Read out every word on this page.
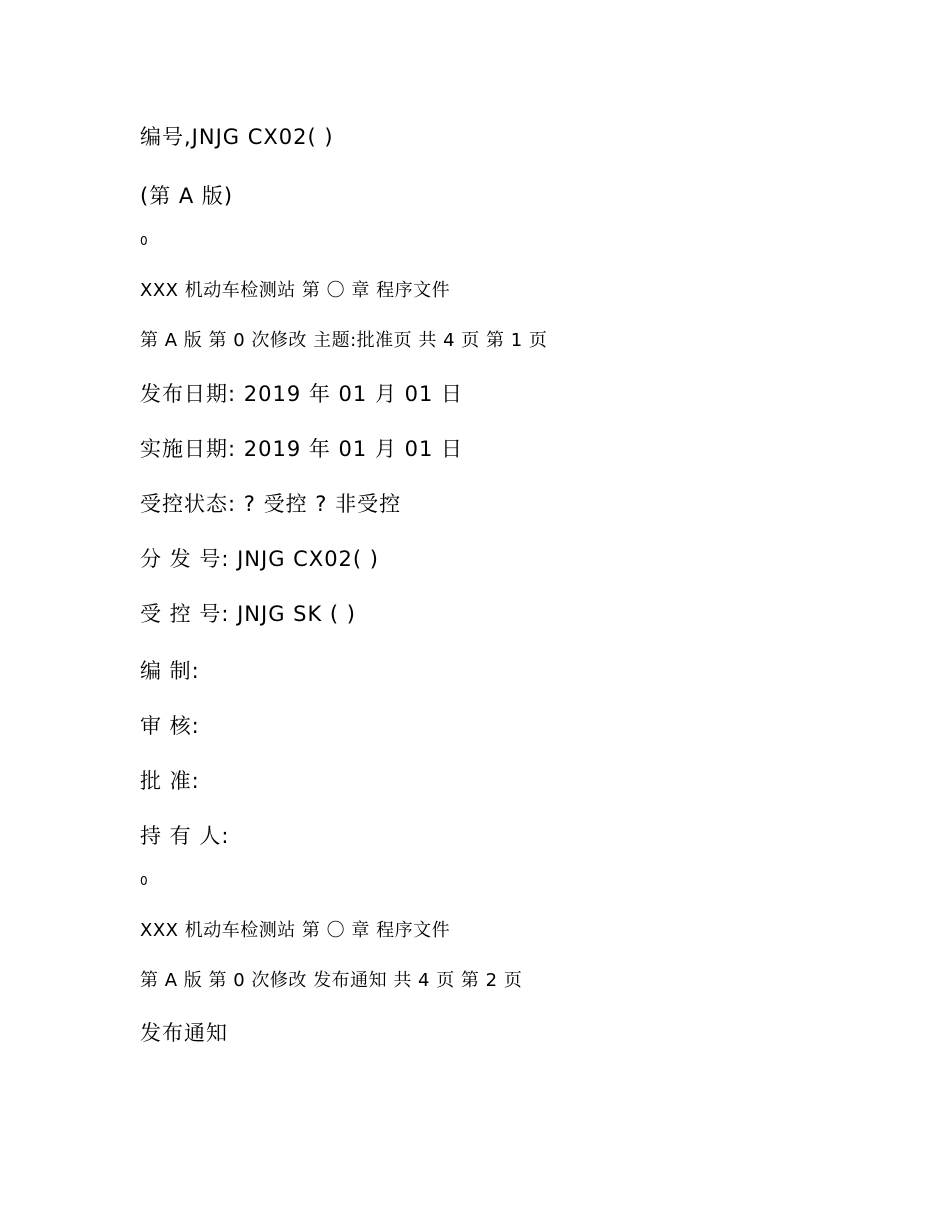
编号,JNJG CX02( )

(第 A 版)

0

XXX 机动车检测站 第 〇 章 程序文件

第 A 版 第 0 次修改 主题:批准页 共 4 页 第 1 页

发布日期: 2019 年 01 月 01 日

实施日期: 2019 年 01 月 01 日

受控状态: ? 受控 ? 非受控

分 发 号: JNJG CX02( )

受 控 号: JNJG SK ( )

编 制:

审 核:

批 准:

持 有 人:

0

XXX 机动车检测站 第 〇 章 程序文件

第 A 版 第 0 次修改 发布通知 共 4 页 第 2 页

发布通知
